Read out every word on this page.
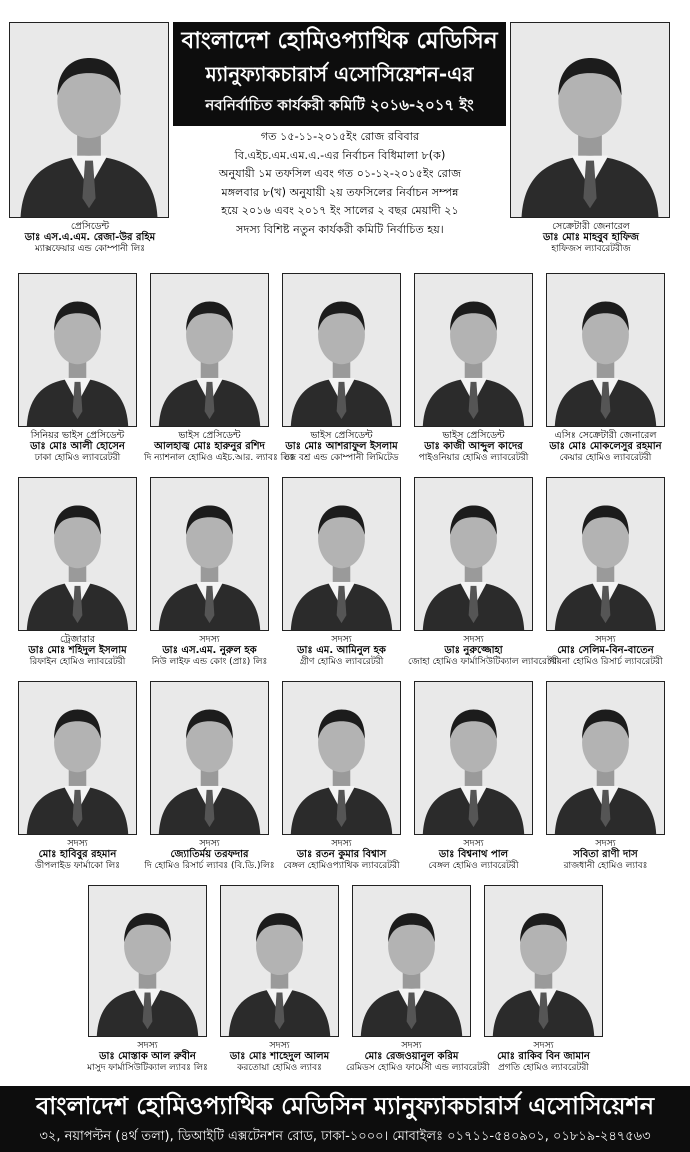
বাংলাদেশ হোমিওপ্যাথিক মেডিসিন
ম্যানুফ্যাকচারার্স এসোসিয়েশন-এর
নবনির্বাচিত কার্যকরী কমিটি ২০১৬-২০১৭ ইং
গত ১৫-১১-২০১৫ইং রোজ রবিবার
বি.এইচ.এম.এম.এ.-এর নির্বাচন বিধিমালা ৮(ক)
অনুযায়ী ১ম তফসিল এবং গত ০১-১২-২০১৫ইং রোজ
মঙ্গলবার ৮(খ) অনুযায়ী ২য় তফসিলের নির্বাচন সম্পন্ন
হয়ে ২০১৬ এবং ২০১৭ ইং সালের ২ বছর মেয়াদী ২১
সদস্য বিশিষ্ট নতুন কার্যকরী কমিটি নির্বাচিত হয়।
প্রেসিডেন্ট
ডাঃ এস.এ.এম. রেজা-উর রহিম
ম্যাক্সফেয়ার এন্ড কোম্পানী লিঃ
সেক্রেটারী জেনারেল
ডাঃ মোঃ মাহবুব হাফিজ
হাফিজস ল্যাবরেটরীজ
সিনিয়র ভাইস প্রেসিডেন্ট
ডাঃ মোঃ আলী হোসেন
ঢাকা হোমিও ল্যাবরেটরী
ভাইস প্রেসিডেন্ট
আলহাজ্ব মোঃ হারুনুর রশিদ
দি ন্যাশনাল হোমিও এইচ.আর. ল্যাবঃ লিঃ
ভাইস প্রেসিডেন্ট
ডাঃ মোঃ আশরাফুল ইসলাম
জে বশ্র এন্ড কোম্পানী লিমিটেড
ভাইস প্রেসিডেন্ট
ডাঃ কাজী আব্দুল কাদের
পাইওনিয়ার হোমিও ল্যাবরেটরী
এসিঃ সেক্রেটারী জেনারেল
ডাঃ মোঃ মোকলেসুর রহমান
কেয়ার হোমিও ল্যাবরেটরী
ট্রেজারার
ডাঃ মোঃ শহিদুল ইসলাম
রিফাইন হোমিও ল্যাবরেটরী
সদস্য
ডাঃ এস.এম. নুরুল হক
নিউ লাইফ এন্ড কোং (প্রাঃ) লিঃ
সদস্য
ডাঃ এম. আমিনুল হক
গ্রীণ হোমিও ল্যাবরেটরী
সদস্য
ডাঃ নুরুজ্জোহা
জোহা হোমিও ফার্মাসিউটিক্যাল ল্যাবরেটরী
সদস্য
মোঃ সেলিম-বিন-বাতেন
পাবনা হোমিও রিসার্চ ল্যাবরেটরী
সদস্য
মোঃ হাবিবুর রহমান
ডীপলাইড ফার্মাকো লিঃ
সদস্য
জ্যোতির্ময় তরফদার
দি হোমিও রিসার্চ ল্যাবঃ (বি.ডি.)লিঃ
সদস্য
ডাঃ রতন কুমার বিশ্বাস
বেঙ্গল হোমিওপ্যাথিক ল্যাবরেটরী
সদস্য
ডাঃ বিশ্বনাথ পাল
বেঙ্গল হোমিও ল্যাবরেটরী
সদস্য
সবিতা রাণী দাস
রাজধানী হোমিও ল্যাবঃ
সদস্য
ডাঃ মোস্তাক আল রুবীন
মাসুদ ফার্মাসিউটিক্যাল ল্যাবঃ লিঃ
সদস্য
ডাঃ মোঃ শাহেদুল আলম
করতোয়া হোমিও ল্যাবঃ
সদস্য
মোঃ রেজওয়ানুল করিম
রেমিডস হোমিও ফার্মেসী এন্ড ল্যাবরেটরী
সদস্য
মোঃ রাকিব বিন জামান
প্রগতি হোমিও ল্যাবরেটরী
বাংলাদেশ হোমিওপ্যাথিক মেডিসিন ম্যানুফ্যাকচারার্স এসোসিয়েশন
৩২, নয়াপল্টন (৪র্থ তলা), ডিআইটি এক্সটেনশন রোড, ঢাকা-১০০০। মোবাইলঃ ০১৭১১-৫৪০৯০১, ০১৮১৯-২৪৭৫৬৩
